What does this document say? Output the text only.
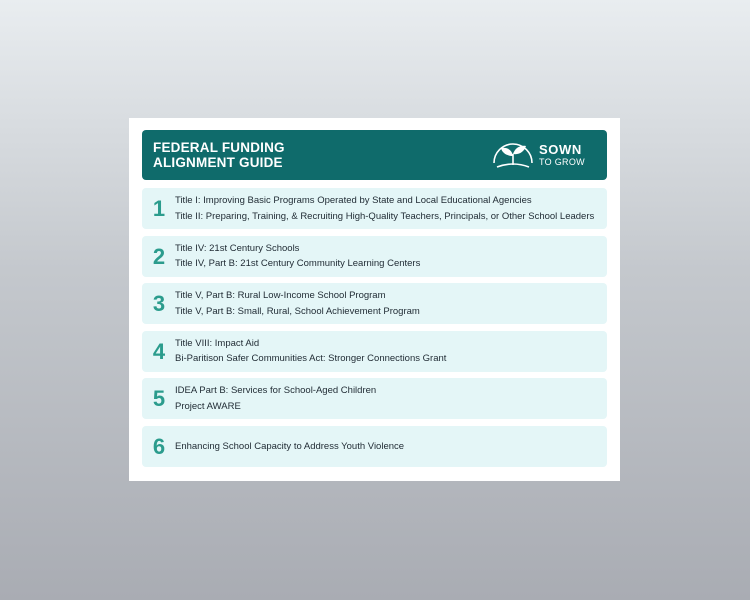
FEDERAL FUNDING
ALIGNMENT GUIDE
SOWN
TO GROW
1	Title I: Improving Basic Programs Operated by State and Local Educational Agencies
Title II: Preparing, Training, & Recruiting High-Quality Teachers, Principals, or Other School Leaders
2	Title IV: 21st Century Schools
Title IV, Part B: 21st Century Community Learning Centers
3	Title V, Part B: Rural Low-Income School Program
Title V, Part B: Small, Rural, School Achievement Program
4	Title VIII: Impact Aid
Bi-Paritison Safer Communities Act: Stronger Connections Grant
5	IDEA Part B: Services for School-Aged Children
Project AWARE
6	Enhancing School Capacity to Address Youth Violence
